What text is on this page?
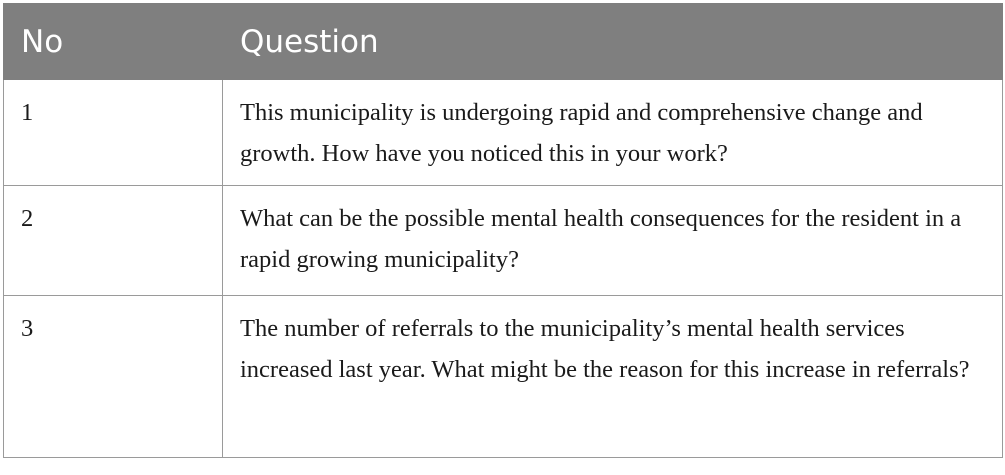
No	Question
1	This municipality is undergoing rapid and comprehensive change and growth. How have you noticed this in your work?
2	What can be the possible mental health consequences for the resident in a rapid growing municipality?
3	The number of referrals to the municipality’s mental health services increased last year. What might be the reason for this increase in referrals?
